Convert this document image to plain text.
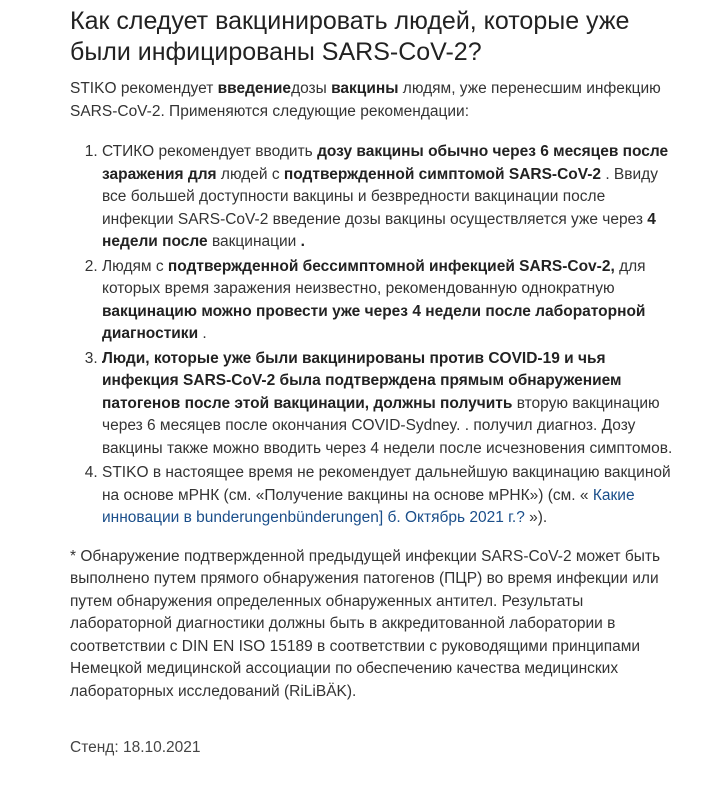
Как следует вакцинировать людей, которые уже были инфицированы SARS-CoV-2?

STIKO рекомендует введениедозы вакцины людям, уже перенесшим инфекцию SARS-CoV-2. Применяются следующие рекомендации:

1. СТИКО рекомендует вводить дозу вакцины обычно через 6 месяцев после заражения для людей с подтвержденной симптомой SARS-CoV-2 . Ввиду все большей доступности вакцины и безвредности вакцинации после инфекции SARS-CoV-2 введение дозы вакцины осуществляется уже через 4 недели после вакцинации .
2. Людям с подтвержденной бессимптомной инфекцией SARS-Cov-2, для которых время заражения неизвестно, рекомендованную однократную вакцинацию можно провести уже через 4 недели после лабораторной диагностики .
3. Люди, которые уже были вакцинированы против COVID-19 и чья инфекция SARS-CoV-2 была подтверждена прямым обнаружением патогенов после этой вакцинации, должны получить вторую вакцинацию через 6 месяцев после окончания COVID-Sydney. . получил диагноз. Дозу вакцины также можно вводить через 4 недели после исчезновения симптомов.
4. STIKO в настоящее время не рекомендует дальнейшую вакцинацию вакциной на основе мРНК (см. «Получение вакцины на основе мРНК») (см. « Какие инновации в bunderungenbünderungen] б. Октябрь 2021 г.? »).

* Обнаружение подтвержденной предыдущей инфекции SARS-CoV-2 может быть выполнено путем прямого обнаружения патогенов (ПЦР) во время инфекции или путем обнаружения определенных обнаруженных антител. Результаты лабораторной диагностики должны быть в аккредитованной лаборатории в соответствии с DIN EN ISO 15189 в соответствии с руководящими принципами Немецкой медицинской ассоциации по обеспечению качества медицинских лабораторных исследований (RiLiBÄK).

Стенд: 18.10.2021
